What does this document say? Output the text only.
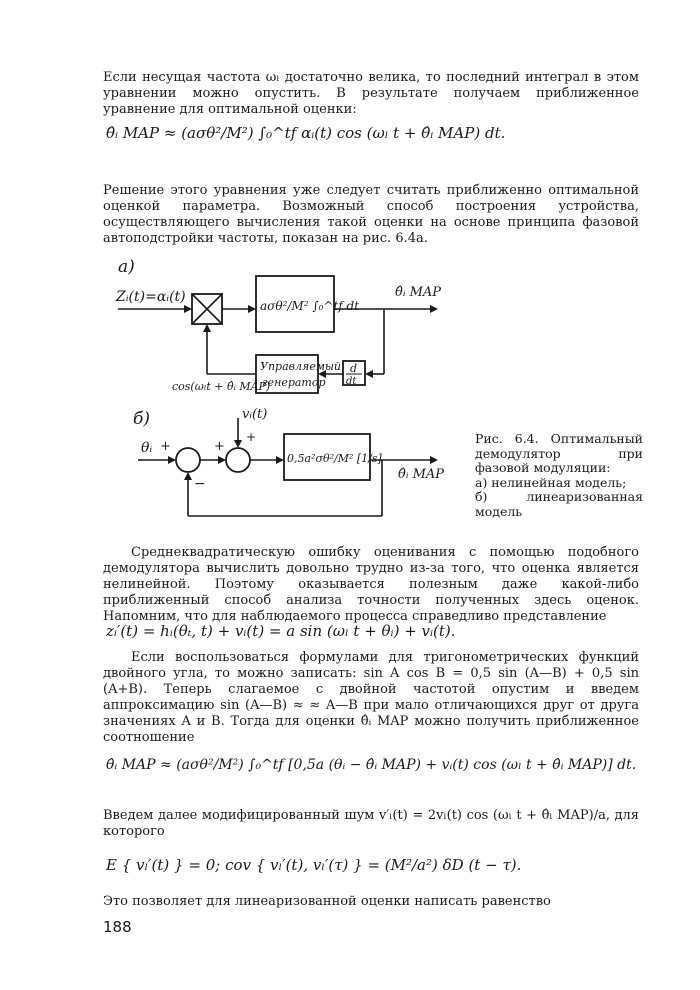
Если несущая частота ωₗ достаточно велика, то последний интеграл в этом уравнении можно опустить. В результате получаем приближенное уравнение для оптимальной оценки:

θ̂ᵢ MAP ≈ (aσθ²/M²) ∫₀^tf αᵢ(t) cos (ωₗ t + θ̂ᵢ MAP) dt.

Решение этого уравнения уже следует считать приближенно оптимальной оценкой параметра. Возможный способ построения устройства, осуществляющего вычисления такой оценки на основе принципа фазовой автоподстройки частоты, показан на рис. 6.4a.

а)
Zᵢ(t)=αᵢ(t)
aσθ²/M² ∫₀^tf dt
θ̂ᵢ MAP
d
dt
Управляемый
генератор
cos(ωₗt + θ̂ᵢ MAP)
б)
θᵢ +	+
vᵢ(t)
+
0,5a²σθ²/M² [1/s]
θ̂ᵢ MAP
−
Рис. 6.4. Оптимальный демодулятор при фазовой модуляции:
а) нелинейная модель;
б) линеаризованная модель

Среднеквадратическую ошибку оценивания с помощью подобного демодулятора вычислить довольно трудно из-за того, что оценка является нелинейной. Поэтому оказывается полезным даже какой-либо приближенный способ анализа точности полученных здесь оценок. Напомним, что для наблюдаемого процесса справедливо представление

zᵢ′(t) = hᵢ(θₜ, t) + vᵢ(t) = a sin (ωₗ t + θᵢ) + vᵢ(t).

Если воспользоваться формулами для тригонометрических функций двойного угла, то можно записать: sin A cos B = 0,5 sin (A—B) + 0,5 sin (A+B). Теперь слагаемое с двойной частотой опустим и введем аппроксимацию sin (A—B) ≈ ≈ A—B при мало отличающихся друг от друга значениях A и B. Тогда для оценки θ̂ᵢ MAP можно получить приближенное соотношение

θ̂ᵢ MAP ≈ (aσθ²/M²) ∫₀^tf [0,5a (θᵢ − θ̂ᵢ MAP) + vᵢ(t) cos (ωₗ t + θ̂ᵢ MAP)] dt.

Введем далее модифицированный шум v′ₗ(t) = 2vₗ(t) cos (ωₗ t + θ̂ₗ MAP)/a, для которого

E { vₗ′(t) } = 0; cov { vₗ′(t), vₗ′(τ) } = (M²/a²) δD (t − τ).

Это позволяет для линеаризованной оценки написать равенство

188
